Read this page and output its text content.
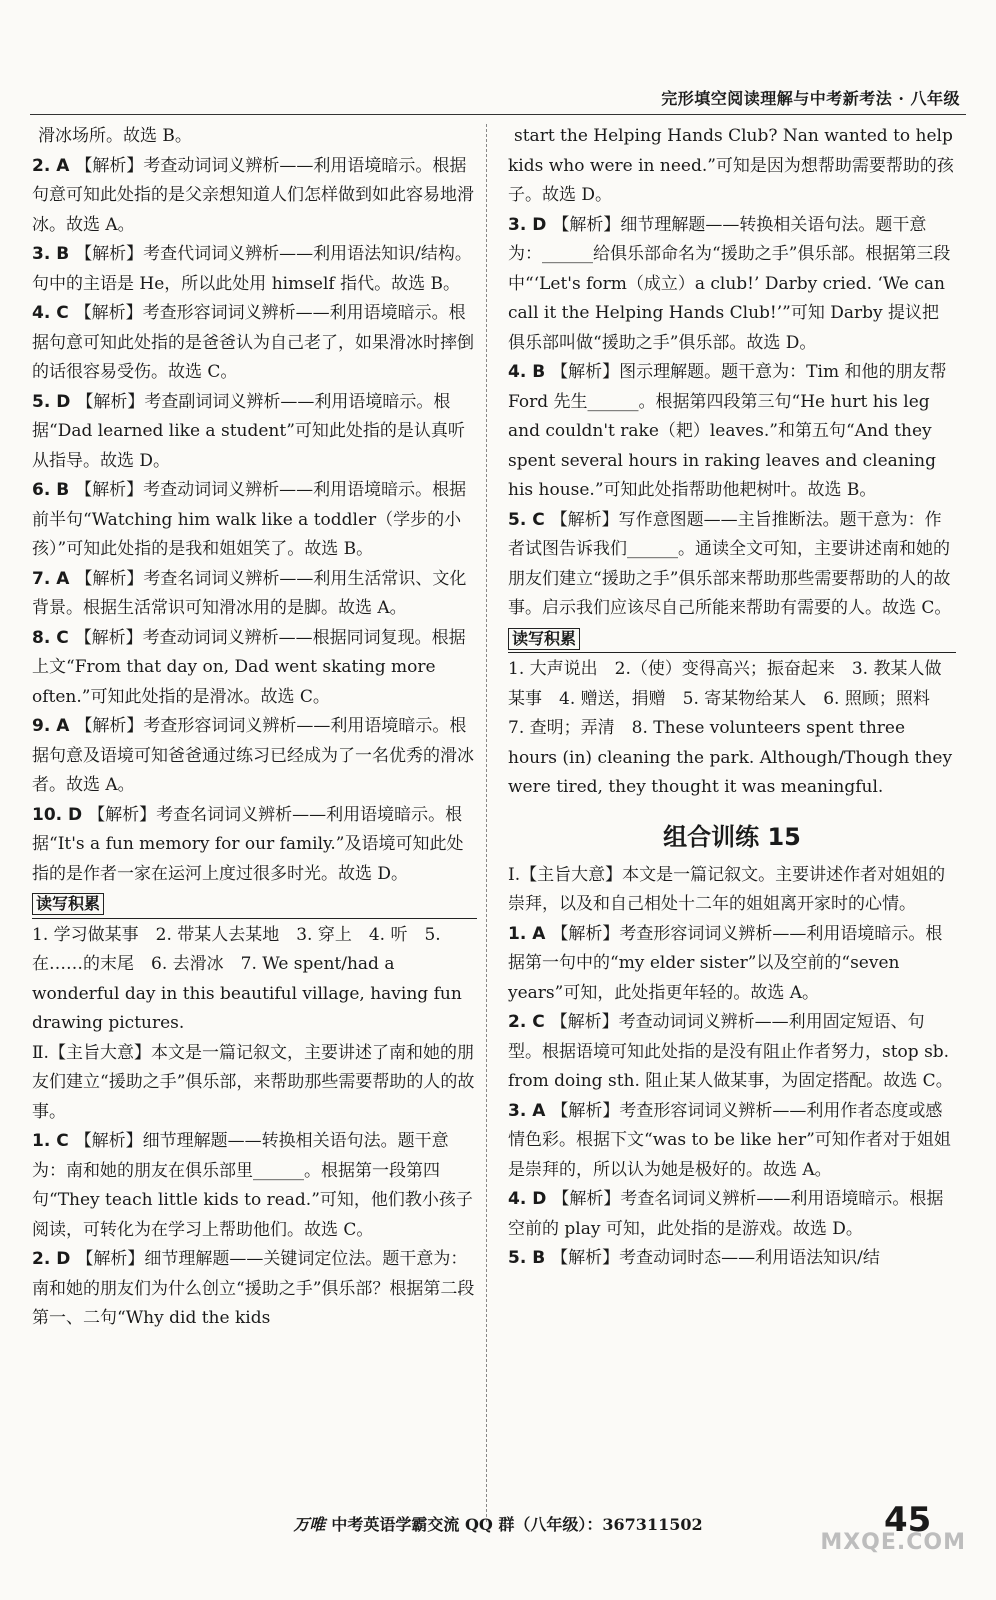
完形填空阅读理解与中考新考法 · 八年级

滑冰场所。故选 B。

2. A 【解析】考查动词词义辨析——利用语境暗示。根据句意可知此处指的是父亲想知道人们怎样做到如此容易地滑冰。故选 A。

3. B 【解析】考查代词词义辨析——利用语法知识/结构。句中的主语是 He，所以此处用 himself 指代。故选 B。

4. C 【解析】考查形容词词义辨析——利用语境暗示。根据句意可知此处指的是爸爸认为自己老了，如果滑冰时摔倒的话很容易受伤。故选 C。

5. D 【解析】考查副词词义辨析——利用语境暗示。根据“Dad learned like a student”可知此处指的是认真听从指导。故选 D。

6. B 【解析】考查动词词义辨析——利用语境暗示。根据前半句“Watching him walk like a toddler（学步的小孩）”可知此处指的是我和姐姐笑了。故选 B。

7. A 【解析】考查名词词义辨析——利用生活常识、文化背景。根据生活常识可知滑冰用的是脚。故选 A。

8. C 【解析】考查动词词义辨析——根据同词复现。根据上文“From that day on, Dad went skating more often.”可知此处指的是滑冰。故选 C。

9. A 【解析】考查形容词词义辨析——利用语境暗示。根据句意及语境可知爸爸通过练习已经成为了一名优秀的滑冰者。故选 A。

10. D 【解析】考查名词词义辨析——利用语境暗示。根据“It's a fun memory for our family.”及语境可知此处指的是作者一家在运河上度过很多时光。故选 D。

读写积累

1. 学习做某事　2. 带某人去某地　3. 穿上　4. 听　5. 在……的末尾　6. 去滑冰　7. We spent/had a wonderful day in this beautiful village, having fun drawing pictures.

Ⅱ.【主旨大意】本文是一篇记叙文，主要讲述了南和她的朋友们建立“援助之手”俱乐部，来帮助那些需要帮助的人的故事。

1. C 【解析】细节理解题——转换相关语句法。题干意为：南和她的朋友在俱乐部里______。根据第一段第四句“They teach little kids to read.”可知，他们教小孩子阅读，可转化为在学习上帮助他们。故选 C。

2. D 【解析】细节理解题——关键词定位法。题干意为：南和她的朋友们为什么创立“援助之手”俱乐部？根据第二段第一、二句“Why did the kids

start the Helping Hands Club? Nan wanted to help kids who were in need.”可知是因为想帮助需要帮助的孩子。故选 D。

3. D 【解析】细节理解题——转换相关语句法。题干意为：______给俱乐部命名为“援助之手”俱乐部。根据第三段中“‘Let's form（成立）a club!’ Darby cried. ‘We can call it the Helping Hands Club!’”可知 Darby 提议把俱乐部叫做“援助之手”俱乐部。故选 D。

4. B 【解析】图示理解题。题干意为：Tim 和他的朋友帮 Ford 先生______。根据第四段第三句“He hurt his leg and couldn't rake（耙）leaves.”和第五句“And they spent several hours in raking leaves and cleaning his house.”可知此处指帮助他耙树叶。故选 B。

5. C 【解析】写作意图题——主旨推断法。题干意为：作者试图告诉我们______。通读全文可知，主要讲述南和她的朋友们建立“援助之手”俱乐部来帮助那些需要帮助的人的故事。启示我们应该尽自己所能来帮助有需要的人。故选 C。

读写积累

1. 大声说出　2.（使）变得高兴；振奋起来　3. 教某人做某事　4. 赠送，捐赠　5. 寄某物给某人　6. 照顾；照料　7. 查明；弄清　8. These volunteers spent three hours (in) cleaning the park. Although/Though they were tired, they thought it was meaningful.

组合训练 15

Ⅰ.【主旨大意】本文是一篇记叙文。主要讲述作者对姐姐的崇拜，以及和自己相处十二年的姐姐离开家时的心情。

1. A 【解析】考查形容词词义辨析——利用语境暗示。根据第一句中的“my elder sister”以及空前的“seven years”可知，此处指更年轻的。故选 A。

2. C 【解析】考查动词词义辨析——利用固定短语、句型。根据语境可知此处指的是没有阻止作者努力，stop sb. from doing sth. 阻止某人做某事，为固定搭配。故选 C。

3. A 【解析】考查形容词词义辨析——利用作者态度或感情色彩。根据下文“was to be like her”可知作者对于姐姐是崇拜的，所以认为她是极好的。故选 A。

4. D 【解析】考查名词词义辨析——利用语境暗示。根据空前的 play 可知，此处指的是游戏。故选 D。

5. B 【解析】考查动词时态——利用语法知识/结

万唯 中考英语学霸交流 QQ 群（八年级）：367311502	45
MXQE.COM
